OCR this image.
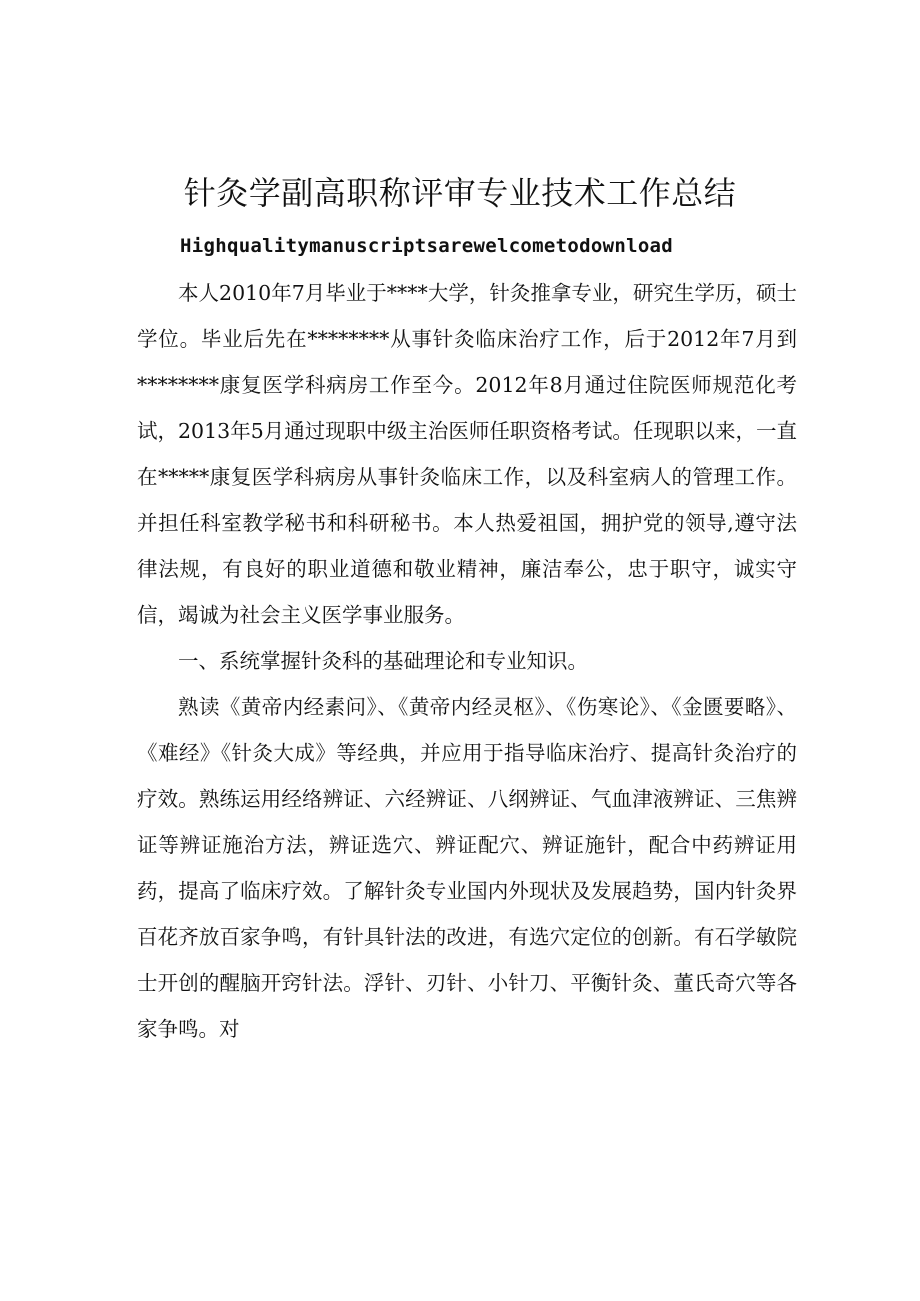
针灸学副高职称评审专业技术工作总结
Highqualitymanuscriptsarewelcometodownload

本人2010年7月毕业于****大学，针灸推拿专业，研究生学历，硕士学位。毕业后先在********从事针灸临床治疗工作，后于2012年7月到********康复医学科病房工作至今。2012年8月通过住院医师规范化考试，2013年5月通过现职中级主治医师任职资格考试。任现职以来，一直在*****康复医学科病房从事针灸临床工作，以及科室病人的管理工作。并担任科室教学秘书和科研秘书。本人热爱祖国，拥护党的领导,遵守法律法规，有良好的职业道德和敬业精神，廉洁奉公，忠于职守，诚实守信，竭诚为社会主义医学事业服务。

一、系统掌握针灸科的基础理论和专业知识。

熟读《黄帝内经素问》、《黄帝内经灵枢》、《伤寒论》、《金匮要略》、《难经》《针灸大成》等经典，并应用于指导临床治疗、提高针灸治疗的疗效。熟练运用经络辨证、六经辨证、八纲辨证、气血津液辨证、三焦辨证等辨证施治方法，辨证选穴、辨证配穴、辨证施针，配合中药辨证用药，提高了临床疗效。了解针灸专业国内外现状及发展趋势，国内针灸界百花齐放百家争鸣，有针具针法的改进，有选穴定位的创新。有石学敏院士开创的醒脑开窍针法。浮针、刃针、小针刀、平衡针灸、董氏奇穴等各家争鸣。对
